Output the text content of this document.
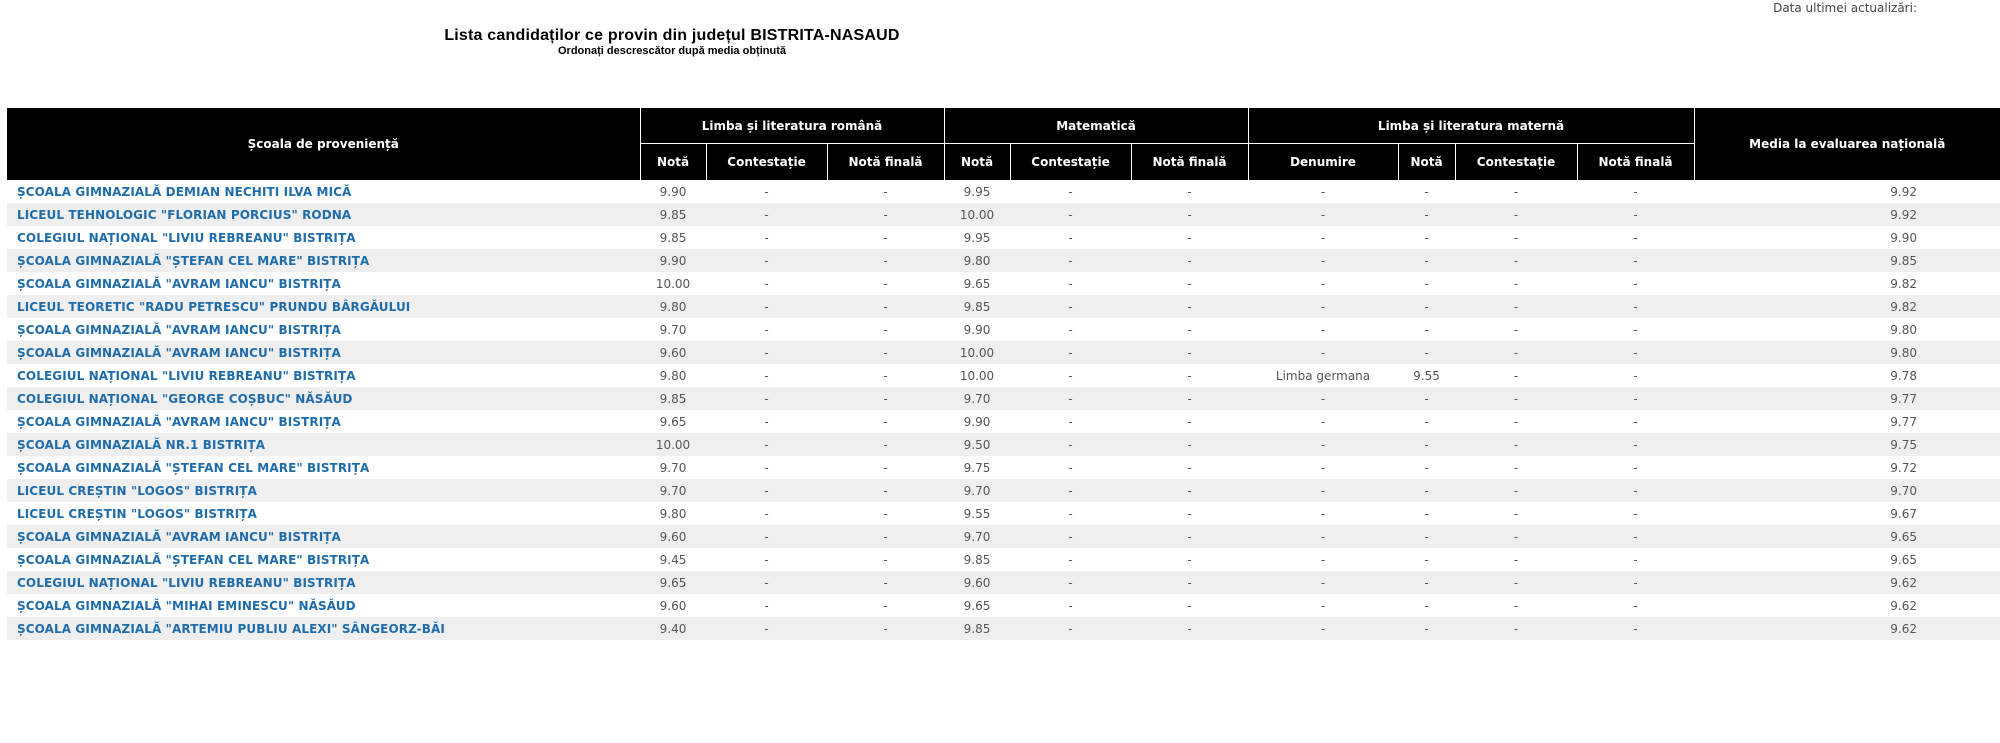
Data ultimei actualizări:
Lista candidaților ce provin din județul BISTRITA-NASAUD
Ordonați descrescător după media obținută
	Școala de proveniență	Limba și literatura română			Matematică			Limba și literatura maternă				Media la evaluarea națională
		Notă	Contestație	Notă finală	Notă	Contestație	Notă finală	Denumire	Notă	Contestație	Notă finală	
	ȘCOALA GIMNAZIALĂ DEMIAN NECHITI ILVA MICĂ	9.90	-	-	9.95	-	-	-	-	-	-	9.92
	LICEUL TEHNOLOGIC "FLORIAN PORCIUS" RODNA	9.85	-	-	10.00	-	-	-	-	-	-	9.92
	COLEGIUL NAȚIONAL "LIVIU REBREANU" BISTRIȚA	9.85	-	-	9.95	-	-	-	-	-	-	9.90
	ȘCOALA GIMNAZIALĂ "ȘTEFAN CEL MARE" BISTRIȚA	9.90	-	-	9.80	-	-	-	-	-	-	9.85
	ȘCOALA GIMNAZIALĂ "AVRAM IANCU" BISTRIȚA	10.00	-	-	9.65	-	-	-	-	-	-	9.82
	LICEUL TEORETIC "RADU PETRESCU" PRUNDU BÂRGĂULUI	9.80	-	-	9.85	-	-	-	-	-	-	9.82
	ȘCOALA GIMNAZIALĂ "AVRAM IANCU" BISTRIȚA	9.70	-	-	9.90	-	-	-	-	-	-	9.80
	ȘCOALA GIMNAZIALĂ "AVRAM IANCU" BISTRIȚA	9.60	-	-	10.00	-	-	-	-	-	-	9.80
	COLEGIUL NAȚIONAL "LIVIU REBREANU" BISTRIȚA	9.80	-	-	10.00	-	-	Limba germana	9.55	-	-	9.78
	COLEGIUL NAȚIONAL "GEORGE COȘBUC" NĂSĂUD	9.85	-	-	9.70	-	-	-	-	-	-	9.77
	ȘCOALA GIMNAZIALĂ "AVRAM IANCU" BISTRIȚA	9.65	-	-	9.90	-	-	-	-	-	-	9.77
	ȘCOALA GIMNAZIALĂ NR.1 BISTRIȚA	10.00	-	-	9.50	-	-	-	-	-	-	9.75
	ȘCOALA GIMNAZIALĂ "ȘTEFAN CEL MARE" BISTRIȚA	9.70	-	-	9.75	-	-	-	-	-	-	9.72
	LICEUL CREȘTIN "LOGOS" BISTRIȚA	9.70	-	-	9.70	-	-	-	-	-	-	9.70
	LICEUL CREȘTIN "LOGOS" BISTRIȚA	9.80	-	-	9.55	-	-	-	-	-	-	9.67
	ȘCOALA GIMNAZIALĂ "AVRAM IANCU" BISTRIȚA	9.60	-	-	9.70	-	-	-	-	-	-	9.65
	ȘCOALA GIMNAZIALĂ "ȘTEFAN CEL MARE" BISTRIȚA	9.45	-	-	9.85	-	-	-	-	-	-	9.65
	COLEGIUL NAȚIONAL "LIVIU REBREANU" BISTRIȚA	9.65	-	-	9.60	-	-	-	-	-	-	9.62
	ȘCOALA GIMNAZIALĂ "MIHAI EMINESCU" NĂSĂUD	9.60	-	-	9.65	-	-	-	-	-	-	9.62
	ȘCOALA GIMNAZIALĂ "ARTEMIU PUBLIU ALEXI" SÂNGEORZ-BĂI	9.40	-	-	9.85	-	-	-	-	-	-	9.62
